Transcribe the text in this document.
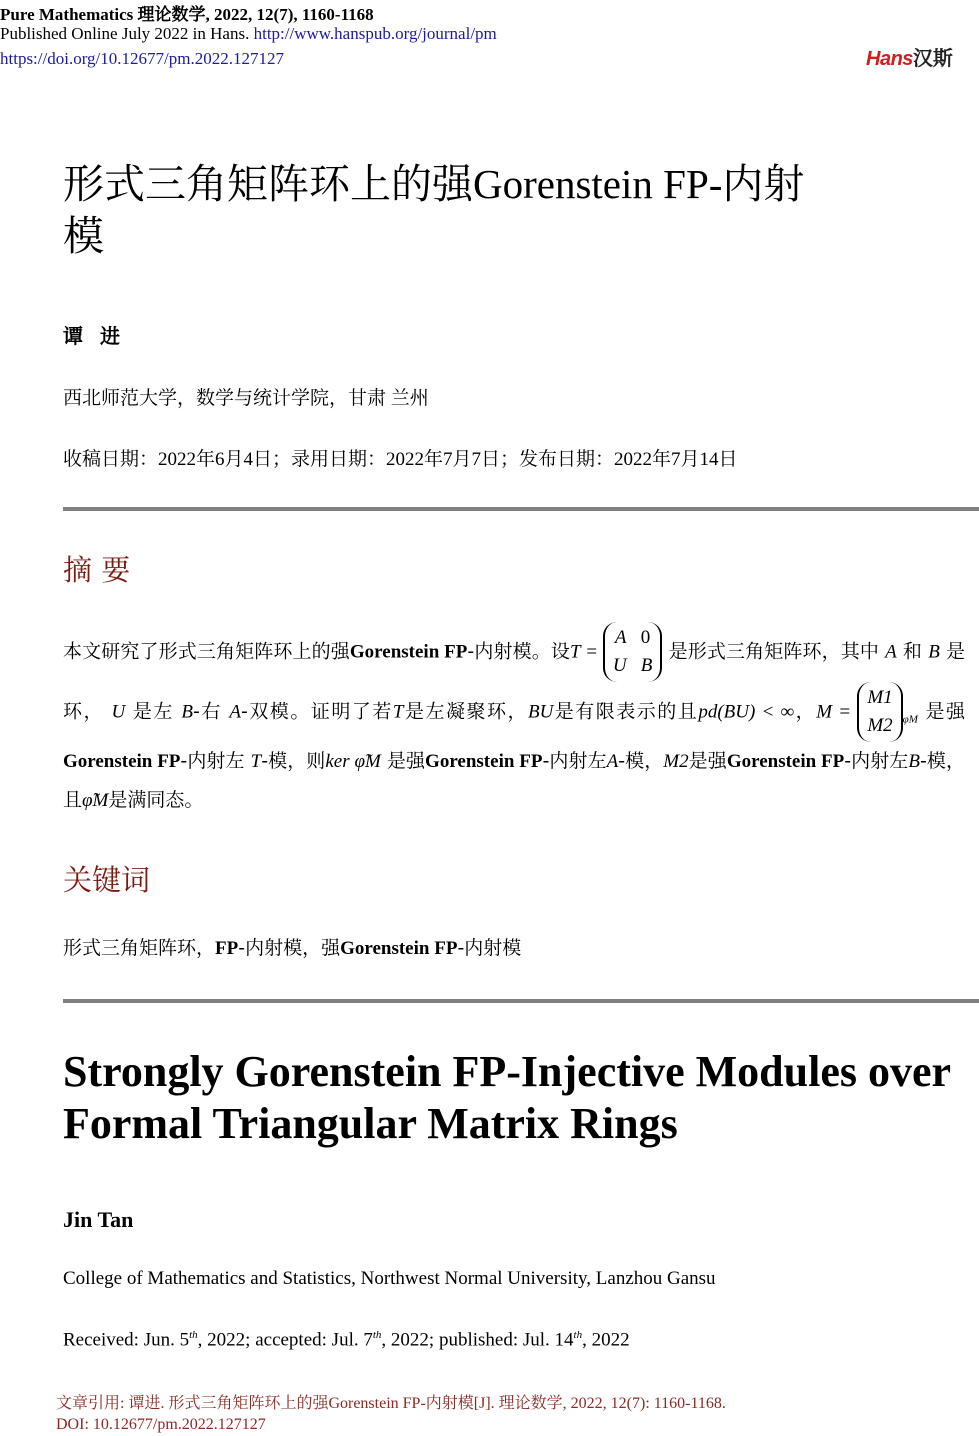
Pure Mathematics 理论数学, 2022, 12(7), 1160-1168
Published Online July 2022 in Hans. http://www.hanspub.org/journal/pm
https://doi.org/10.12677/pm.2022.127127	Hans汉斯
形式三角矩阵环上的强Gorenstein FP-内射模
谭 进
西北师范大学，数学与统计学院，甘肃 兰州
收稿日期：2022年6月4日；录用日期：2022年7月7日；发布日期：2022年7月14日
摘 要
本文研究了形式三角矩阵环上的强Gorenstein FP-内射模。设T = A 0
U B 是形式三角矩阵环，其中 A 和 B 是环， U 是左 B-右 A-双模。证明了若T是左凝聚环，BU是有限表示的且pd(BU) < ∞，M = M1
M2 $_{\varphi M}$ 是强Gorenstein FP-内射左 T-模，则ker φ̃M 是强Gorenstein FP-内射左A-模，M2是强Gorenstein FP-内射左B-模，且φ̃M是满同态。
关键词
形式三角矩阵环，FP-内射模，强Gorenstein FP-内射模
Strongly Gorenstein FP-Injective Modules over Formal Triangular Matrix Rings
Jin Tan
College of Mathematics and Statistics, Northwest Normal University, Lanzhou Gansu
Received: Jun. 5th, 2022; accepted: Jul. 7th, 2022; published: Jul. 14th, 2022
文章引用: 谭进. 形式三角矩阵环上的强Gorenstein FP-内射模[J]. 理论数学, 2022, 12(7): 1160-1168.
DOI: 10.12677/pm.2022.127127
